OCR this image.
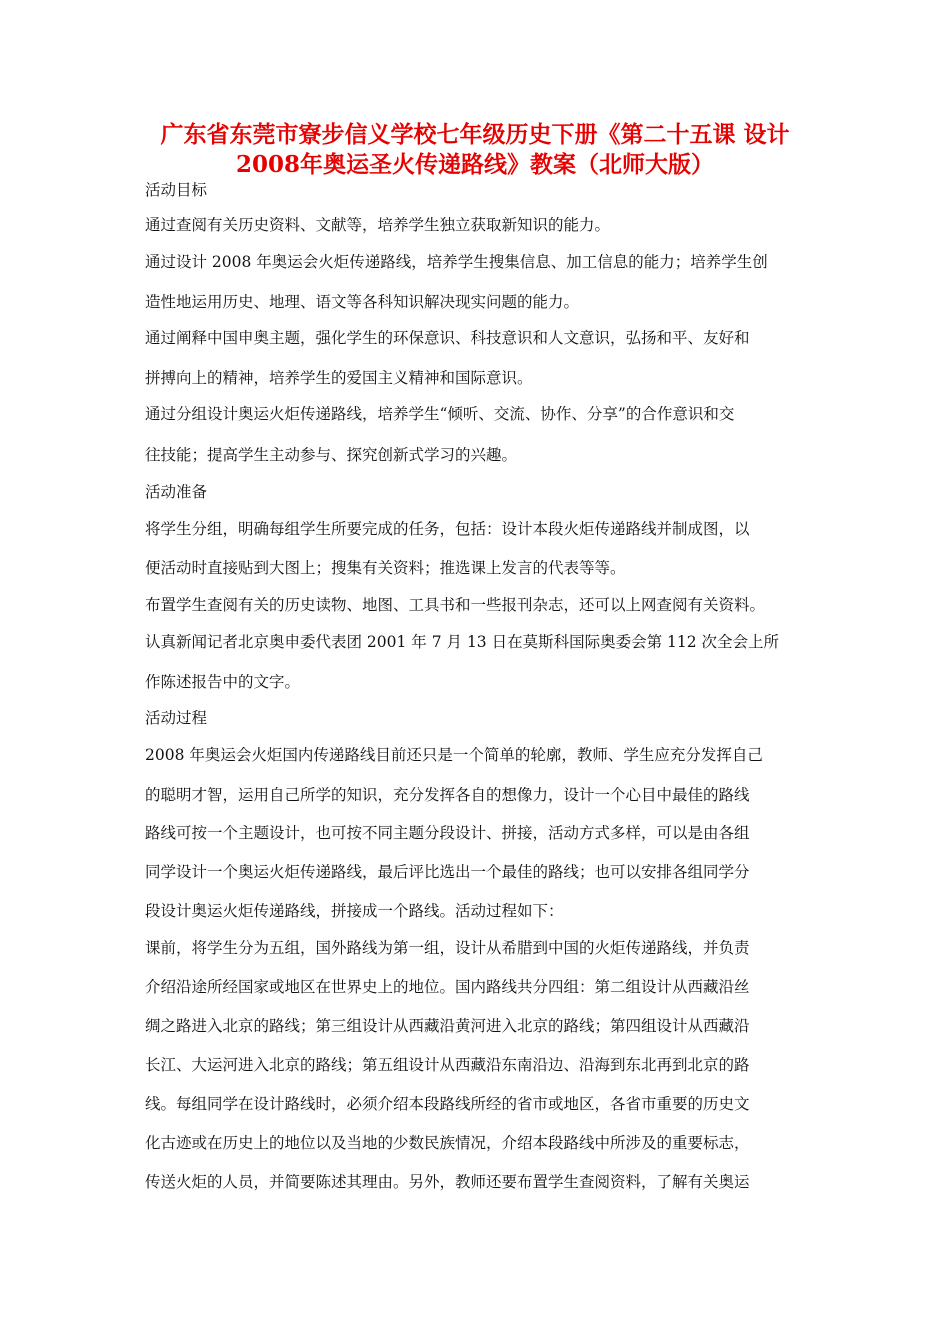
广东省东莞市寮步信义学校七年级历史下册《第二十五课 设计
2008年奥运圣火传递路线》教案（北师大版）

活动目标

通过查阅有关历史资料、文献等，培养学生独立获取新知识的能力。

通过设计 2008 年奥运会火炬传递路线，培养学生搜集信息、加工信息的能力；培养学生创

造性地运用历史、地理、语文等各科知识解决现实问题的能力。

通过阐释中国申奥主题，强化学生的环保意识、科技意识和人文意识，弘扬和平、友好和

拼搏向上的精神，培养学生的爱国主义精神和国际意识。

通过分组设计奥运火炬传递路线，培养学生“倾听、交流、协作、分享”的合作意识和交

往技能；提高学生主动参与、探究创新式学习的兴趣。

活动准备

将学生分组，明确每组学生所要完成的任务，包括：设计本段火炬传递路线并制成图，以

便活动时直接贴到大图上；搜集有关资料；推选课上发言的代表等等。

布置学生查阅有关的历史读物、地图、工具书和一些报刊杂志，还可以上网查阅有关资料。

认真新闻记者北京奥申委代表团 2001 年 7 月 13 日在莫斯科国际奥委会第 112 次全会上所

作陈述报告中的文字。

活动过程

2008 年奥运会火炬国内传递路线目前还只是一个简单的轮廓，教师、学生应充分发挥自己

的聪明才智，运用自己所学的知识，充分发挥各自的想像力，设计一个心目中最佳的路线

路线可按一个主题设计，也可按不同主题分段设计、拼接，活动方式多样，可以是由各组

同学设计一个奥运火炬传递路线，最后评比选出一个最佳的路线；也可以安排各组同学分

段设计奥运火炬传递路线，拼接成一个路线。活动过程如下：

课前，将学生分为五组，国外路线为第一组，设计从希腊到中国的火炬传递路线，并负责

介绍沿途所经国家或地区在世界史上的地位。国内路线共分四组：第二组设计从西藏沿丝

绸之路进入北京的路线；第三组设计从西藏沿黄河进入北京的路线；第四组设计从西藏沿

长江、大运河进入北京的路线；第五组设计从西藏沿东南沿边、沿海到东北再到北京的路

线。每组同学在设计路线时，必须介绍本段路线所经的省市或地区，各省市重要的历史文

化古迹或在历史上的地位以及当地的少数民族情况，介绍本段路线中所涉及的重要标志，

传送火炬的人员，并简要陈述其理由。另外，教师还要布置学生查阅资料，了解有关奥运
